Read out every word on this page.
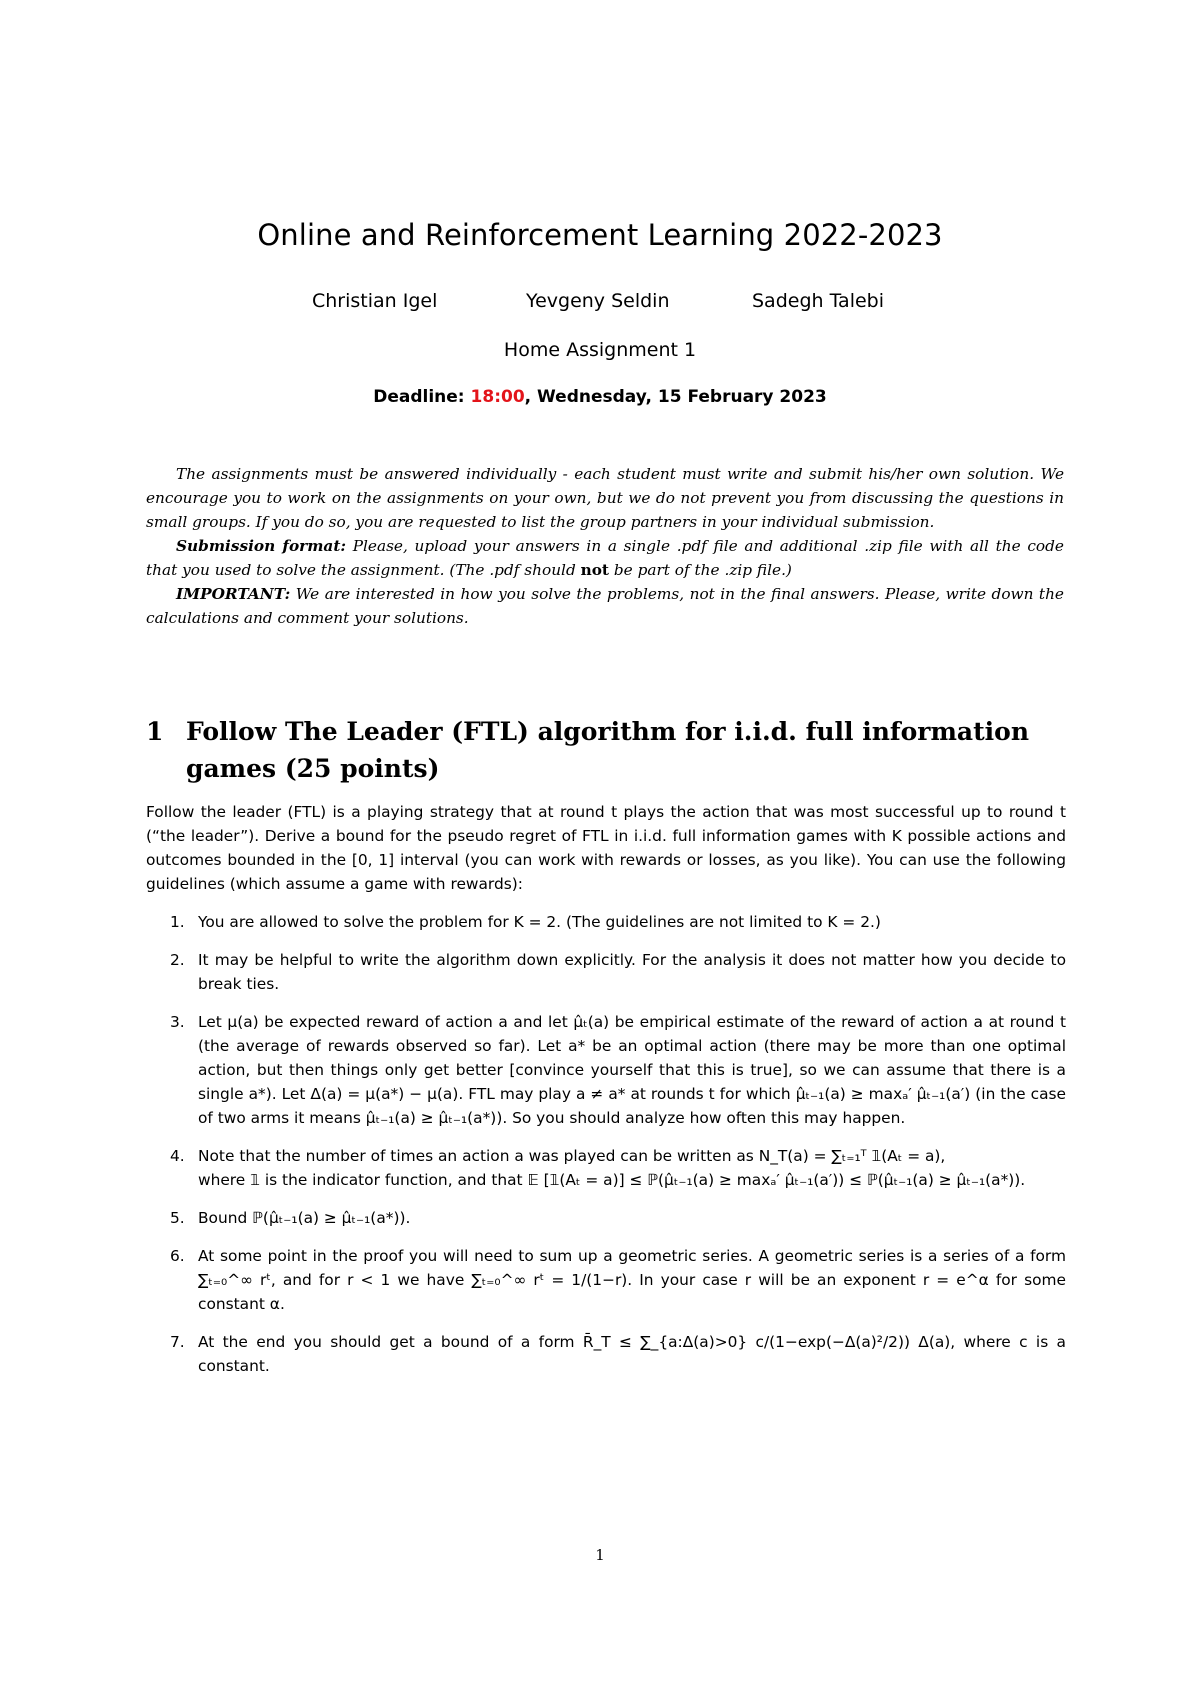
Online and Reinforcement Learning 2022-2023
Christian Igel	Yevgeny Seldin	Sadegh Talebi
Home Assignment 1
Deadline: 18:00, Wednesday, 15 February 2023

The assignments must be answered individually - each student must write and submit his/her own solution. We encourage you to work on the assignments on your own, but we do not prevent you from discussing the questions in small groups. If you do so, you are requested to list the group partners in your individual submission.

Submission format: Please, upload your answers in a single .pdf file and additional .zip file with all the code that you used to solve the assignment. (The .pdf should not be part of the .zip file.)

IMPORTANT: We are interested in how you solve the problems, not in the final answers. Please, write down the calculations and comment your solutions.

1 Follow The Leader (FTL) algorithm for i.i.d. full information games (25 points)

Follow the leader (FTL) is a playing strategy that at round t plays the action that was most successful up to round t (“the leader”). Derive a bound for the pseudo regret of FTL in i.i.d. full information games with K possible actions and outcomes bounded in the [0, 1] interval (you can work with rewards or losses, as you like). You can use the following guidelines (which assume a game with rewards):

1. You are allowed to solve the problem for K = 2. (The guidelines are not limited to K = 2.)
2. It may be helpful to write the algorithm down explicitly. For the analysis it does not matter how you decide to break ties.
3. Let μ(a) be expected reward of action a and let μ̂ₜ(a) be empirical estimate of the reward of action a at round t (the average of rewards observed so far). Let a* be an optimal action (there may be more than one optimal action, but then things only get better [convince yourself that this is true], so we can assume that there is a single a*). Let Δ(a) = μ(a*) − μ(a). FTL may play a ≠ a* at rounds t for which μ̂ₜ₋₁(a) ≥ maxₐ′ μ̂ₜ₋₁(a′) (in the case of two arms it means μ̂ₜ₋₁(a) ≥ μ̂ₜ₋₁(a*)). So you should analyze how often this may happen.
4. Note that the number of times an action a was played can be written as N_T(a) = ∑ₜ₌₁ᵀ 𝟙(Aₜ = a),
where 𝟙 is the indicator function, and that 𝔼 [𝟙(Aₜ = a)] ≤ ℙ(μ̂ₜ₋₁(a) ≥ maxₐ′ μ̂ₜ₋₁(a′)) ≤ ℙ(μ̂ₜ₋₁(a) ≥ μ̂ₜ₋₁(a*)).
5. Bound ℙ(μ̂ₜ₋₁(a) ≥ μ̂ₜ₋₁(a*)).
6. At some point in the proof you will need to sum up a geometric series. A geometric series is a series of a form ∑ₜ₌₀^∞ rᵗ, and for r < 1 we have ∑ₜ₌₀^∞ rᵗ = 1/(1−r). In your case r will be an exponent r = e^α for some constant α.
7. At the end you should get a bound of a form R̄_T ≤ ∑_{a:Δ(a)>0} c/(1−exp(−Δ(a)²/2)) Δ(a), where c is a constant.
1
